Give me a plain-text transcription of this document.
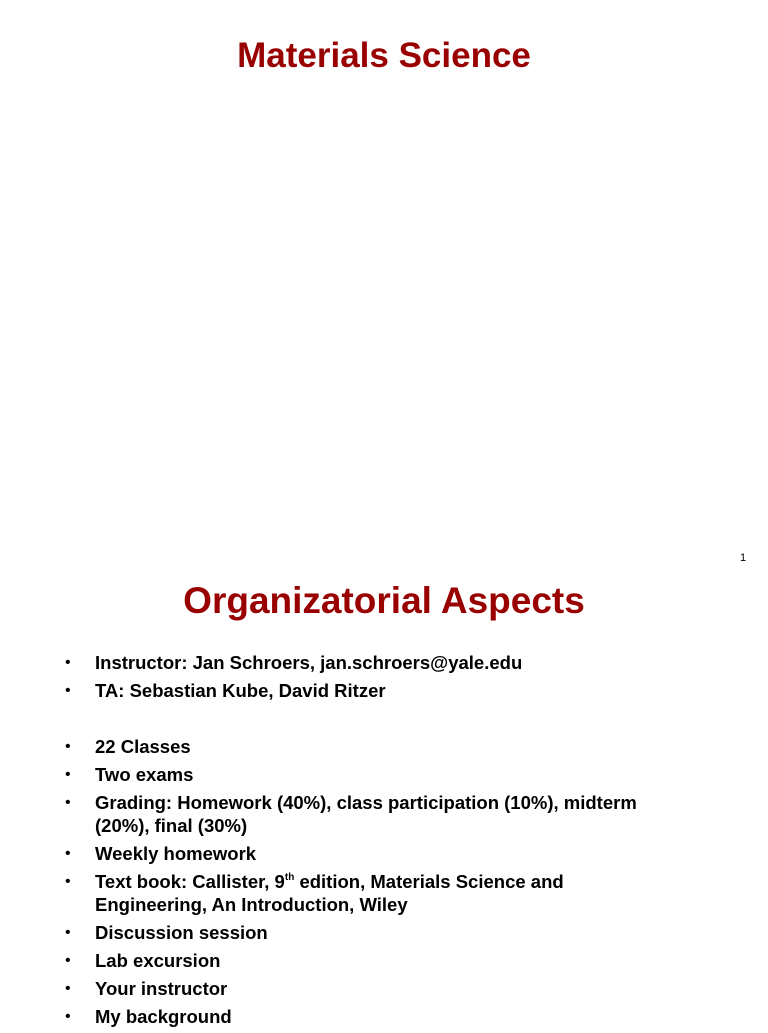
Materials Science
1
Organizatorial Aspects
• Instructor: Jan Schroers, jan.schroers@yale.edu
• TA: Sebastian Kube, David Ritzer
• 22 Classes
• Two exams
• Grading: Homework (40%), class participation (10%), midterm (20%), final (30%)
• Weekly homework
• Text book: Callister, 9th edition, Materials Science and Engineering, An Introduction, Wiley
• Discussion session
• Lab excursion
• Your instructor
• My background
